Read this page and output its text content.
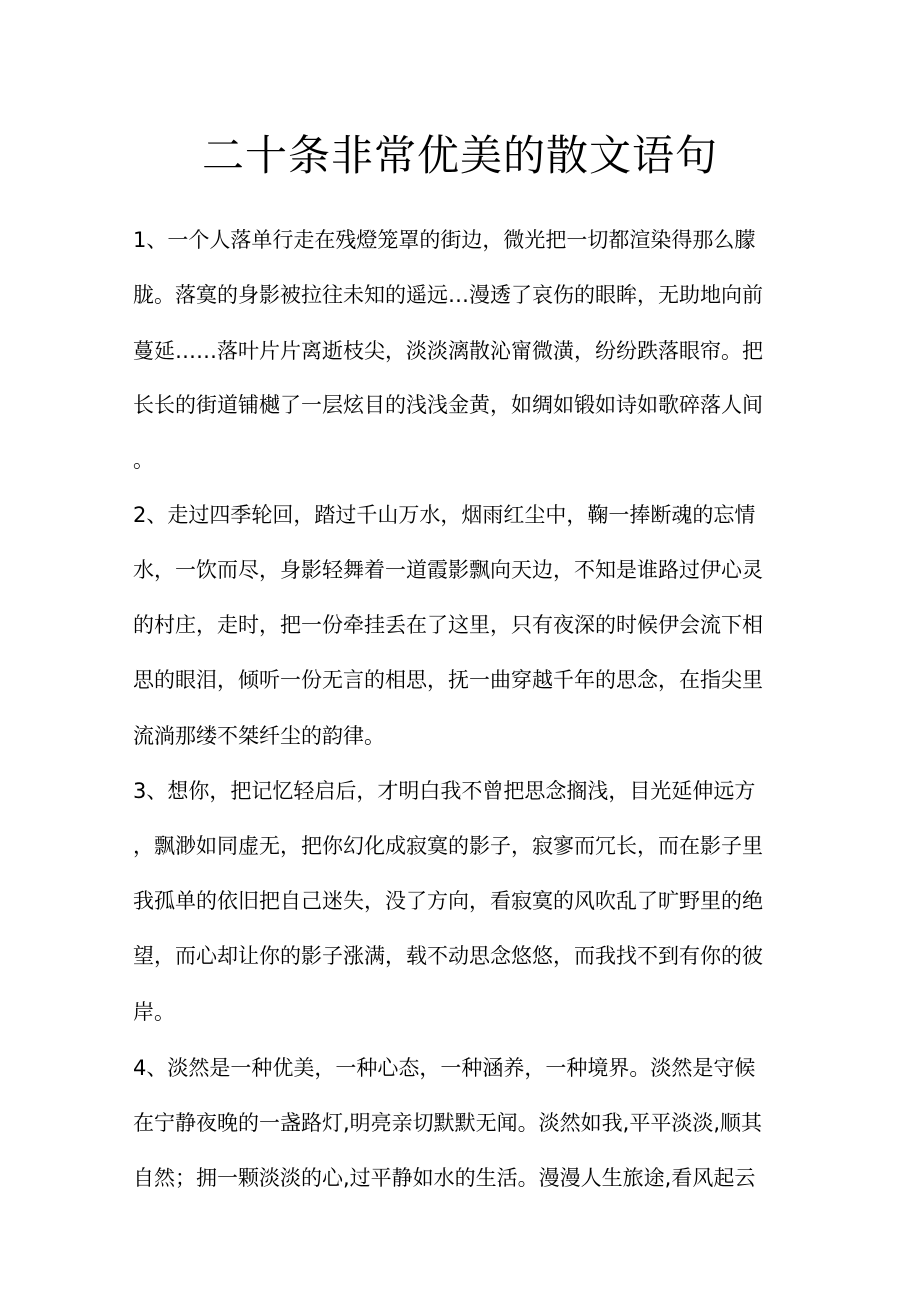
二十条非常优美的散文语句
1、一个人落单行走在残燈笼罩的街边，微光把一切都渲染得那么朦
胧。落寞的身影被拉往未知的遥远…漫透了哀伤的眼眸，无助地向前
蔓延……落叶片片离逝枝尖，淡淡漓散沁甯微潢，纷纷跌落眼帘。把
长长的街道铺樾了一层炫目的浅浅金黄，如绸如锻如诗如歌碎落人间
。
2、走过四季轮回，踏过千山万水，烟雨红尘中，鞠一捧断魂的忘情
水，一饮而尽，身影轻舞着一道霞影飘向天边，不知是谁路过伊心灵
的村庄，走时，把一份牵挂丢在了这里，只有夜深的时候伊会流下相
思的眼泪，倾听一份无言的相思，抚一曲穿越千年的思念，在指尖里
流淌那缕不桀纤尘的韵律。
3、想你，把记忆轻启后，才明白我不曾把思念搁浅，目光延伸远方
，飘渺如同虚无，把你幻化成寂寞的影子，寂寥而冗长，而在影子里
我孤单的依旧把自己迷失，没了方向，看寂寞的风吹乱了旷野里的绝
望，而心却让你的影子涨满，载不动思念悠悠，而我找不到有你的彼
岸。
4、淡然是一种优美，一种心态，一种涵养，一种境界。淡然是守候
在宁静夜晚的一盏路灯,明亮亲切默默无闻。淡然如我,平平淡淡,顺其
自然；拥一颗淡淡的心,过平静如水的生活。漫漫人生旅途,看风起云
